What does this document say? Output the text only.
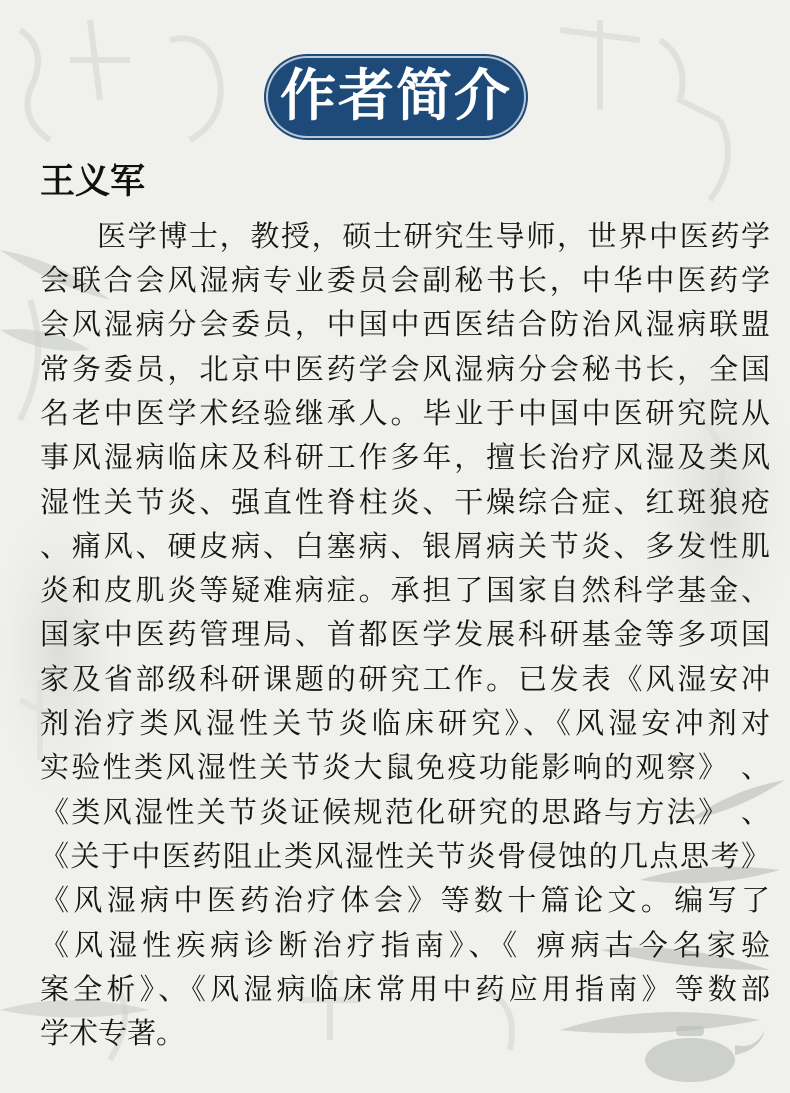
作者简介
王义军
医学博士，教授，硕士研究生导师，世界中医药学
会联合会风湿病专业委员会副秘书长，中华中医药学
会风湿病分会委员，中国中西医结合防治风湿病联盟
常务委员，北京中医药学会风湿病分会秘书长，全国
名老中医学术经验继承人。毕业于中国中医研究院从
事风湿病临床及科研工作多年，擅长治疗风湿及类风
湿性关节炎、强直性脊柱炎、干燥综合症、红斑狼疮
、痛风、硬皮病、白塞病、银屑病关节炎、多发性肌
炎和皮肌炎等疑难病症。承担了国家自然科学基金、
国家中医药管理局、首都医学发展科研基金等多项国
家及省部级科研课题的研究工作。已发表《风湿安冲
剂治疗类风湿性关节炎临床研究》、《风湿安冲剂对
实验性类风湿性关节炎大鼠免疫功能影响的观察》 、
《类风湿性关节炎证候规范化研究的思路与方法》 、
《关于中医药阻止类风湿性关节炎骨侵蚀的几点思考》
《风湿病中医药治疗体会》等数十篇论文。编写了
《风湿性疾病诊断治疗指南》、《 痹病古今名家验
案全析》、《风湿病临床常用中药应用指南》等数部
学术专著。
